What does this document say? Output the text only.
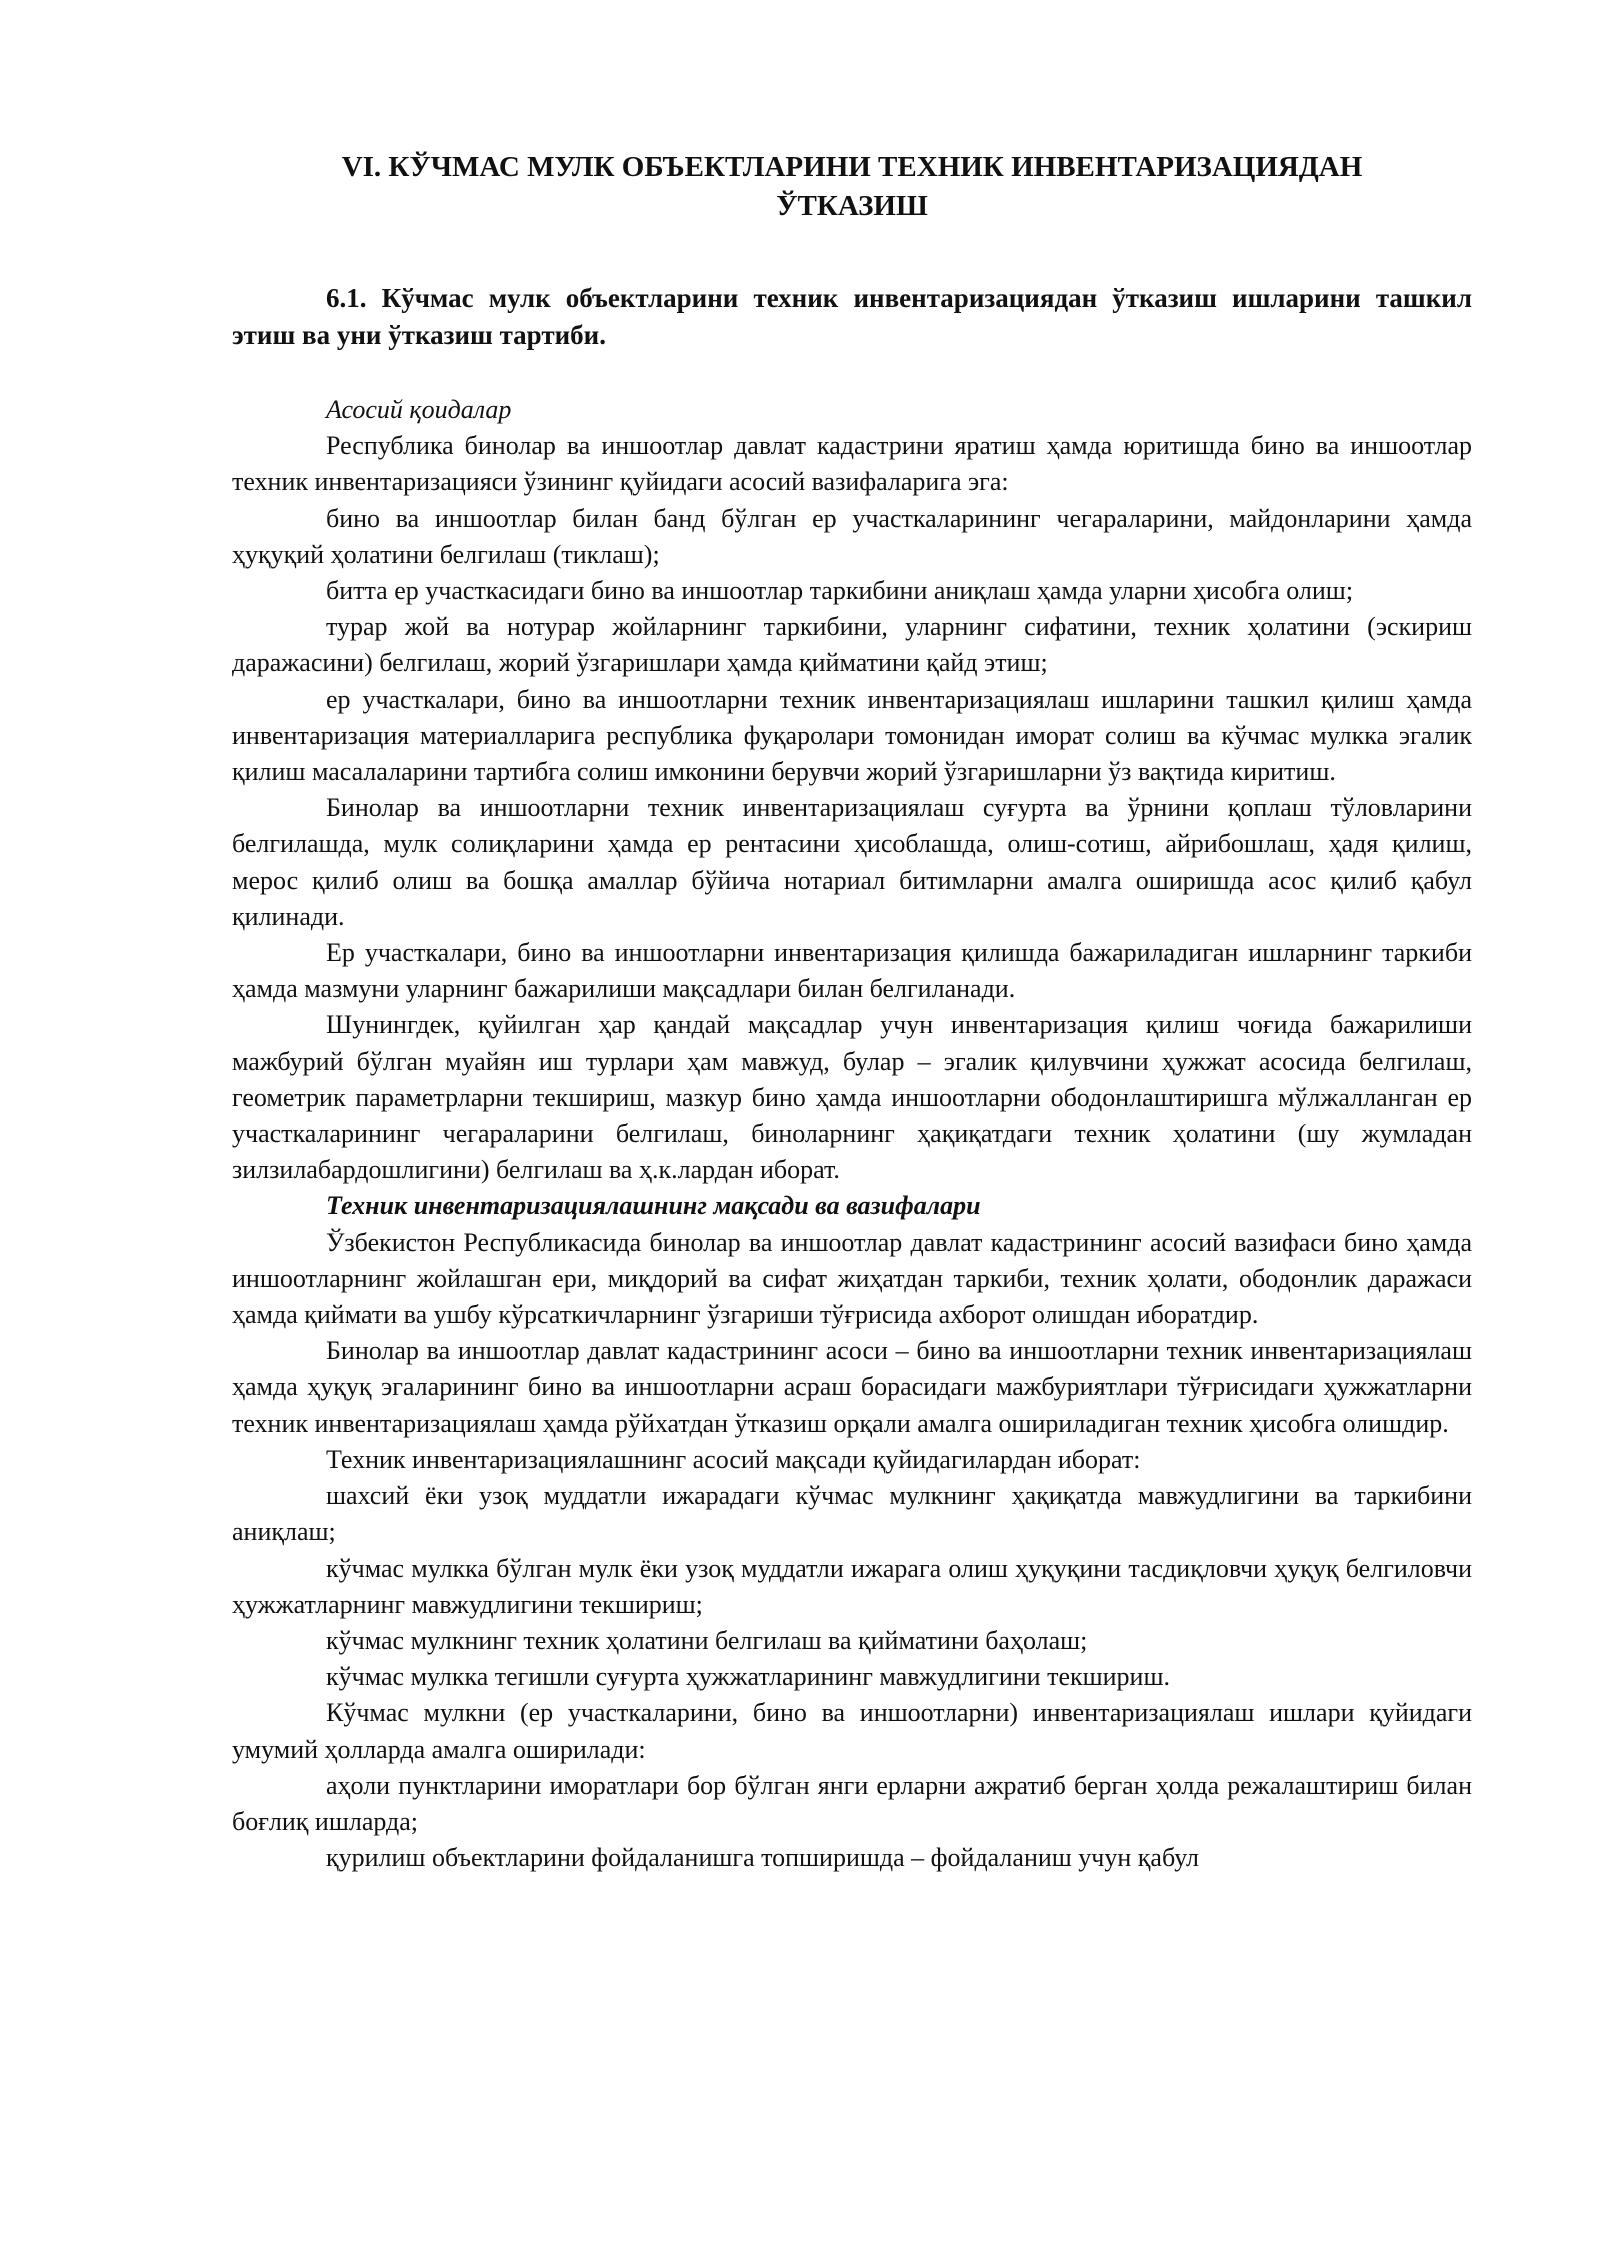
VI. КЎЧМАС МУЛК ОБЪЕКТЛАРИНИ ТЕХНИК ИНВЕНТАРИЗАЦИЯДАН ЎТКАЗИШ
6.1. Кўчмас мулк объектларини техник инвентаризациядан ўтказиш ишларини ташкил этиш ва уни ўтказиш тартиби.
Асосий қоидалар

Республика бинолар ва иншоотлар давлат кадастрини яратиш ҳамда юритишда бино ва иншоотлар техник инвентаризацияси ўзининг қуйидаги асосий вазифаларига эга:

бино ва иншоотлар билан банд бўлган ер участкаларининг чегараларини, майдонларини ҳамда ҳуқуқий ҳолатини белгилаш (тиклаш);

битта ер участкасидаги бино ва иншоотлар таркибини аниқлаш ҳамда уларни ҳисобга олиш;

турар жой ва нотурар жойларнинг таркибини, уларнинг сифатини, техник ҳолатини (эскириш даражасини) белгилаш, жорий ўзгаришлари ҳамда қийматини қайд этиш;

ер участкалари, бино ва иншоотларни техник инвентаризациялаш ишларини ташкил қилиш ҳамда инвентаризация материалларига республика фуқаролари томонидан иморат солиш ва кўчмас мулкка эгалик қилиш масалаларини тартибга солиш имконини берувчи жорий ўзгаришларни ўз вақтида киритиш.

Бинолар ва иншоотларни техник инвентаризациялаш суғурта ва ўрнини қоплаш тўловларини белгилашда, мулк солиқларини ҳамда ер рентасини ҳисоблашда, олиш-сотиш, айрибошлаш, ҳадя қилиш, мерос қилиб олиш ва бошқа амаллар бўйича нотариал битимларни амалга оширишда асос қилиб қабул қилинади.

Ер участкалари, бино ва иншоотларни инвентаризация қилишда бажариладиган ишларнинг таркиби ҳамда мазмуни уларнинг бажарилиши мақсадлари билан белгиланади.

Шунингдек, қуйилган ҳар қандай мақсадлар учун инвентаризация қилиш чоғида бажарилиши мажбурий бўлган муайян иш турлари ҳам мавжуд, булар – эгалик қилувчини ҳужжат асосида белгилаш, геометрик параметрларни текшириш, мазкур бино ҳамда иншоотларни ободонлаштиришга мўлжалланган ер участкаларининг чегараларини белгилаш, биноларнинг ҳақиқатдаги техник ҳолатини (шу жумладан зилзилабардошлигини) белгилаш ва ҳ.к.лардан иборат.

Техник инвентаризациялашнинг мақсади ва вазифалари

Ўзбекистон Республикасида бинолар ва иншоотлар давлат кадастрининг асосий вазифаси бино ҳамда иншоотларнинг жойлашган ери, миқдорий ва сифат жиҳатдан таркиби, техник ҳолати, ободонлик даражаси ҳамда қиймати ва ушбу кўрсаткичларнинг ўзгариши тўғрисида ахборот олишдан иборатдир.

Бинолар ва иншоотлар давлат кадастрининг асоси – бино ва иншоотларни техник инвентаризациялаш ҳамда ҳуқуқ эгаларининг бино ва иншоотларни асраш борасидаги мажбуриятлари тўғрисидаги ҳужжатларни техник инвентаризациялаш ҳамда рўйхатдан ўтказиш орқали амалга ошириладиган техник ҳисобга олишдир.

Техник инвентаризациялашнинг асосий мақсади қуйидагилардан иборат:

шахсий ёки узоқ муддатли ижарадаги кўчмас мулкнинг ҳақиқатда мавжудлигини ва таркибини аниқлаш;

кўчмас мулкка бўлган мулк ёки узоқ муддатли ижарага олиш ҳуқуқини тасдиқловчи ҳуқуқ белгиловчи ҳужжатларнинг мавжудлигини текшириш;

кўчмас мулкнинг техник ҳолатини белгилаш ва қийматини баҳолаш;

кўчмас мулкка тегишли суғурта ҳужжатларининг мавжудлигини текшириш.

Кўчмас мулкни (ер участкаларини, бино ва иншоотларни) инвентаризациялаш ишлари қуйидаги умумий ҳолларда амалга оширилади:

аҳоли пунктларини иморатлари бор бўлган янги ерларни ажратиб берган ҳолда режалаштириш билан боғлиқ ишларда;

қурилиш объектларини фойдаланишга топширишда – фойдаланиш учун қабул
